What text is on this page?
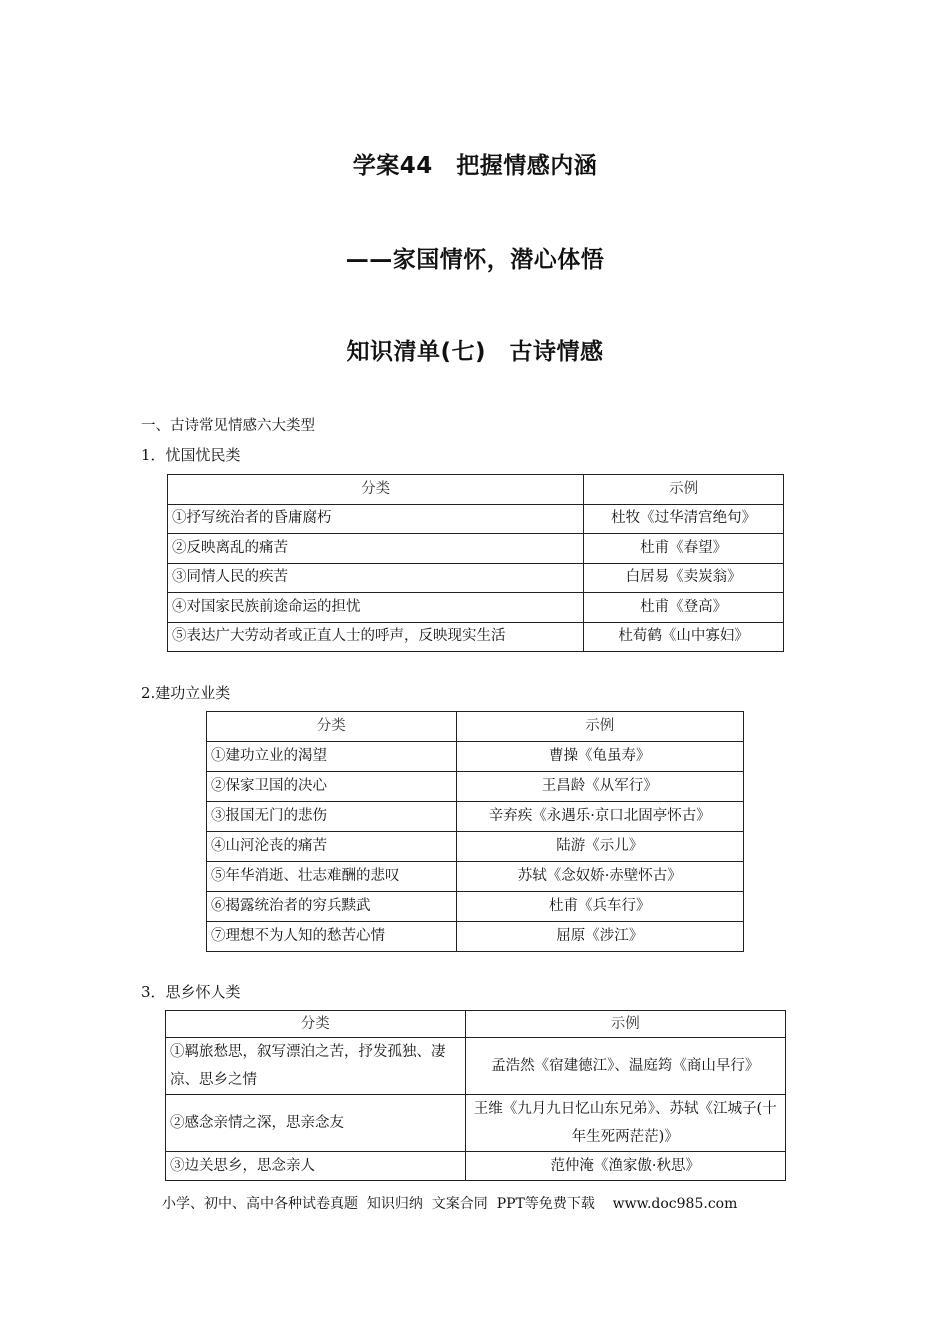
学案44　把握情感内涵
——家国情怀，潜心体悟
知识清单(七)　古诗情感
一、古诗常见情感六大类型
1．忧国忧民类
分类	示例
①抒写统治者的昏庸腐朽	杜牧《过华清宫绝句》
②反映离乱的痛苦	杜甫《春望》
③同情人民的疾苦	白居易《卖炭翁》
④对国家民族前途命运的担忧	杜甫《登高》
⑤表达广大劳动者或正直人士的呼声，反映现实生活	杜荀鹤《山中寡妇》
2.建功立业类
分类	示例
①建功立业的渴望	曹操《龟虽寿》
②保家卫国的决心	王昌龄《从军行》
③报国无门的悲伤	辛弃疾《永遇乐·京口北固亭怀古》
④山河沦丧的痛苦	陆游《示儿》
⑤年华消逝、壮志难酬的悲叹	苏轼《念奴娇·赤壁怀古》
⑥揭露统治者的穷兵黩武	杜甫《兵车行》
⑦理想不为人知的愁苦心情	屈原《涉江》
3．思乡怀人类
分类	示例
①羁旅愁思，叙写漂泊之苦，抒发孤独、凄凉、思乡之情	孟浩然《宿建德江》、温庭筠《商山早行》
②感念亲情之深，思亲念友	王维《九月九日忆山东兄弟》、苏轼《江城子(十年生死两茫茫)》
③边关思乡，思念亲人	范仲淹《渔家傲·秋思》
小学、初中、高中各种试卷真题  知识归纳  文案合同  PPT等免费下载    www.doc985.com
